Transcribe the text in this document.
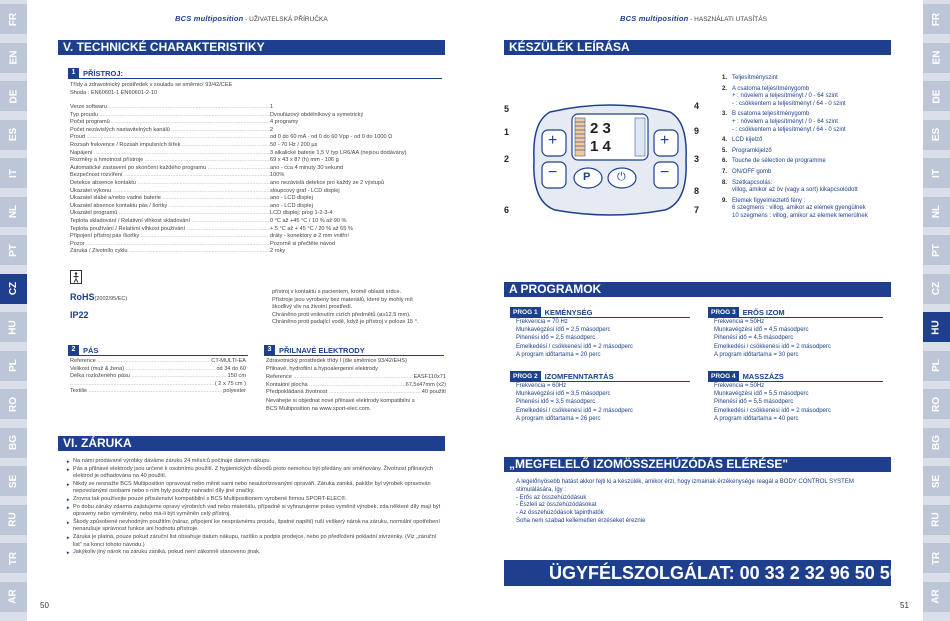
FR
EN
DE
ES
IT
NL
PT
CZ
HU
PL
RO
BG
SE
RU
TR
AR
FR
EN
DE
ES
IT
NL
PT
CZ
HU
PL
RO
BG
SE
RU
TR
AR
BCS multiposition - UŽIVATELSKÁ PŘÍRUČKA	BCS multiposition - HASZNÁLATI UTASÍTÁS
V. TECHNICKÉ CHARAKTERISTIKY
1	PŘÍSTROJ:
Třídy a zdravotnický prostředek v souladu se směrnicí 93/42/CEE
Shoda : EN60601-1 EN60601-2-10
Verze softwaru .....	1
Typ proudu .....	Dvoufázový obdélníkový a symetrický
Počet programů .....	4 programy
Počet nezávislých nastavitelných kanálů .....	2
Proud .....	od 0 do 60 mA - od 0 do 60 Vpp - od 0 do 1000 Ω
Rozsah frekvence / Rozsah impulsních šířek .....	50 - 70 Hz / 200 µs
Napájení .....	3 alkalické baterie 1,5 V typ LR6/AA (nejsou dodávány)
Rozměry a hmotnost přístroje .....	69 x 43 x 87 (h) mm - 106 g
Automatické zastavení po skončení každého programu .....	ano - cca 4 minuty 30 sekund
Bezpečnost rozvíření .....	100%
Detekce absence kontaktu .....	ano nezávislá detekce pro každý ze 2 výstupů
Ukazatel výkonu .....	sloupcový graf - LCD displej
Ukazatel slabé a/nebo vadné baterie .....	ano - LCD displej
Ukazatel absence kontaktu pás / šortky .....	ano - LCD displej
Ukazatel programů .....	LCD displej: prog 1-2-3-4
Teplota skladování / Relativní vlhkost skladování .....	0 °C až +45 °C / 10 % až 90 %
Teplota používání / Relativní vlhkost používání .....	+ 5 °C až + 45 °C / 20 % až 65 %
Připojení přístroj pás /šortky .....	dráty - konektory ø 2 mm vnitřní
Pozor .....	Pozorně si přečtěte návod
Záruka / Životnílo cyklu .....	2 roky
RoHS(2002/95/EC)
IP22
přístroj v kontaktu s pacientem, kromě oblasti srdce.
Přístroje jsou vyrobeny bez materiálů, které by mohly mít
škodlivý vliv na životní prostředí.
Chráněno proti vniknutím cizích předmětů (ø≥12.5 mm).
Chráněno proti padající vodě, když je přístroj v poloze 15 °.
2	PÁS
Reference .....	CT-MULTI-EA
Velikost (muž & žena) .....	od 34 do 60
Délka rozloženého pásu .....	150 cm
.....
( 2 x 75 cm )
Textilie .....	polyester
3	PŘILNAVÉ ELEKTRODY
Zdravotnický prostředek třídy I (dle směrnice 93/42/EHS)
Přilnavé, hydrofilní a hypoalergenní elektrody
Reference .....	EASF110x71
Kontaktní plocha .....	67,5x47mm (x2)
Předpokládaná životnost .....	40 použití
Neváhejte si objednat nové přilnavé elektrody kompatibilní s
BCS Multiposition na www.sport-elec.com.
VI. ZÁRUKA
► Na námi prodávané výrobky dáváme záruku 24 měsíců počínaje datem nákupu.
► Pás a přilnavé elektrody jsou určené k osobnímu použití. Z hygienických důvodů proto nemohou být předány ani směňovány. Životnost přilnavých elektrod je odhadována na 40 použití.
► Nikdy se nesnažte BCS Multiposition opravovat nebo měnit sami nebo neautorizovanými opraváři. Záruka zaniká, pakliže byl výrobek opravován nepovolanými osobami nebo s ním byly použity nahradní díly jiné značky.
► Zrovna tak používejte pouze přísulenství kompatibilní s BCS Multipositionem vyrobené firmou SPORT-ELEC®.
► Po dobu záruky zdarma zajistujeme opravy výrobních vad nebo materiálu, případně si vyhrazujeme právo vyměnit výrobek, zda některé díly mají být opraveny nebo vyměněny, nebo má-li být vyměněn celý přístroj.
► Škody způsobené nevhodným použitím (náraz, připojení ke nesprávnému proudu, špatné napětí) ruší veškerý nárok na záruku, normální opotřebení nenarušuje správnost funkce ani hodnotu přístroje.
► Záruka je platná, pouze pokud záruční list obsahuje datum nákupu, razítko a podpis prodejce, nebo po předložení pokladní stvrzenky. (Viz „záruční list" na konci tohoto návodu.)
► Jakýkoliv jiný nárok na záruku zaniká, pokud není zákonně stanoveno jinak.
50
KÉSZÜLÉK LEÍRÁSA
2 3
1 4
+
−
+
−
P ⏻
5
1
2
6
4
9
3
8
7
1. Teljesítményszint
2. A csatorna teljesítménygomb
+ : növelem a teljesítményt / 0 - 64 szint
- : csökkentem a teljesítményt / 64 - 0 szint
3. B csatorna teljesítménygomb
+ : növelem a teljesítményt / 0 - 64 szint
- : csökkentem a teljesítményt / 64 - 0 szint
4. LCD kijelző
5. Programkijelző
6. Touche de sélection de programme
7. ON/OFF gomb
8. Szétkapcsolás:
villog, amikor az öv (vagy a sort) kikapcsolódott
9. Elemek figyelmeztető fény :
6 szegmens : villog, amikor az elemek gyengülnek
10 szegmens : villog, amikor az elemek lemerülnek
A PROGRAMOK
PROG 1 KEMÉNYSÉG
Frekvencia = 70 Hz
Munkavégzési idő = 2,5 másodperc
Pihenési idő = 2,5 másodperc
Emelkedési / csökkenési idő = 2 másodperc
A program időtartama = 20 perc
PROG 3 ERŐS IZOM
Frekvencia = 50Hz
Munkavégzési idő = 4,5 másodperc
Pihenési idő = 4,5 másodperc
Emelkedési / csökkenési idő = 2 másodperc
A program időtartama = 30 perc
PROG 2 IZOMFENNTARTÁS
Frekvencia = 60Hz
Munkavégzési idő = 3,5 másodperc
Pihenési idő = 3,5 másodperc
Emelkedési / csökkenési idő = 2 másodperc
A program időtartama = 26 perc
PROG 4 MASSZÁZS
Frekvencia = 50Hz
Munkavégzési idő = 5,5 másodperc
Pihenési idő = 5,5 másodperc
Emelkedési / csökkenési idő = 2 másodperc
A program időtartama = 40 perc
„MEGFELELŐ IZOMÖSSZEHÚZÓDÁS ELÉRÉSE"
A legelőnyösebb hatást akkor fejti ki a készülék, amikor érzi, hogy izmainak érzékenysége reagál a BODY CONTROL SYSTEM
stimulálására, így :
- Erős az összehúzódásuk
- Észleli az összehúzódásokat
- Az összehúzódások tapinthatók
Soha nem szabad kellemetlen érzéseket éreznie
ÜGYFÉLSZOLGÁLAT: 00 33 2 32 96 50 50
51
